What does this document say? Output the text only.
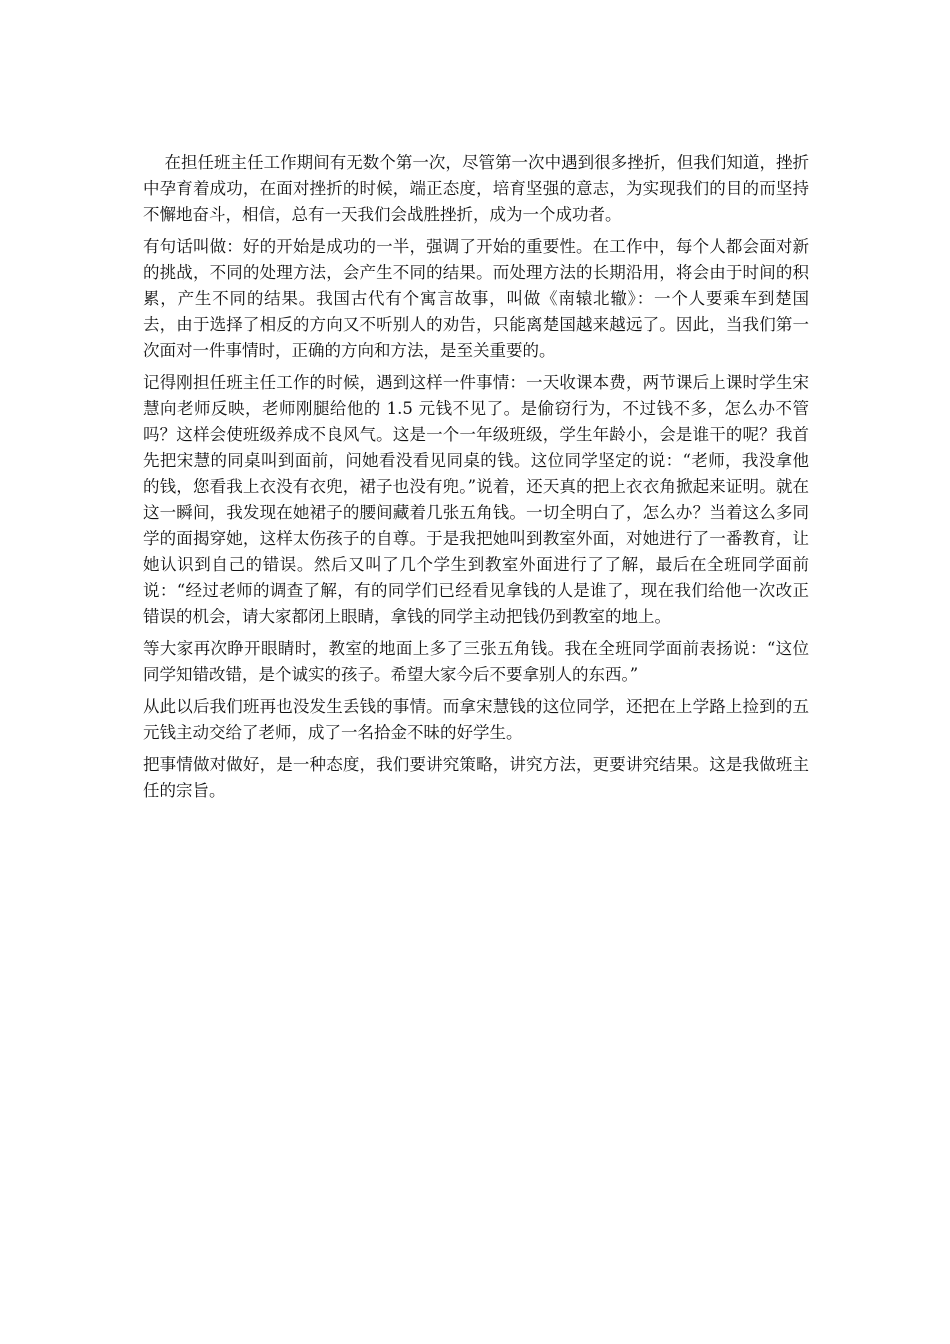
在担任班主任工作期间有无数个第一次，尽管第一次中遇到很多挫折，但我们知道，挫折中孕育着成功，在面对挫折的时候，端正态度，培育坚强的意志，为实现我们的目的而坚持不懈地奋斗，相信，总有一天我们会战胜挫折，成为一个成功者。

有句话叫做：好的开始是成功的一半，强调了开始的重要性。在工作中，每个人都会面对新的挑战，不同的处理方法，会产生不同的结果。而处理方法的长期沿用，将会由于时间的积累，产生不同的结果。我国古代有个寓言故事，叫做《南辕北辙》：一个人要乘车到楚国去，由于选择了相反的方向又不听别人的劝告，只能离楚国越来越远了。因此，当我们第一次面对一件事情时，正确的方向和方法，是至关重要的。

记得刚担任班主任工作的时候，遇到这样一件事情：一天收课本费，两节课后上课时学生宋慧向老师反映，老师刚腿给他的 1.5 元钱不见了。是偷窃行为，不过钱不多，怎么办不管吗？这样会使班级养成不良风气。这是一个一年级班级，学生年龄小，会是谁干的呢？我首先把宋慧的同桌叫到面前，问她看没看见同桌的钱。这位同学坚定的说：“老师，我没拿他的钱，您看我上衣没有衣兜，裙子也没有兜。”说着，还天真的把上衣衣角掀起来证明。就在这一瞬间，我发现在她裙子的腰间藏着几张五角钱。一切全明白了，怎么办？当着这么多同学的面揭穿她，这样太伤孩子的自尊。于是我把她叫到教室外面，对她进行了一番教育，让她认识到自己的错误。然后又叫了几个学生到教室外面进行了了解，最后在全班同学面前说：“经过老师的调查了解，有的同学们已经看见拿钱的人是谁了，现在我们给他一次改正错误的机会，请大家都闭上眼睛，拿钱的同学主动把钱仍到教室的地上。

等大家再次睁开眼睛时，教室的地面上多了三张五角钱。我在全班同学面前表扬说：“这位同学知错改错，是个诚实的孩子。希望大家今后不要拿别人的东西。”

从此以后我们班再也没发生丢钱的事情。而拿宋慧钱的这位同学，还把在上学路上捡到的五元钱主动交给了老师，成了一名拾金不昧的好学生。

把事情做对做好，是一种态度，我们要讲究策略，讲究方法，更要讲究结果。这是我做班主任的宗旨。
